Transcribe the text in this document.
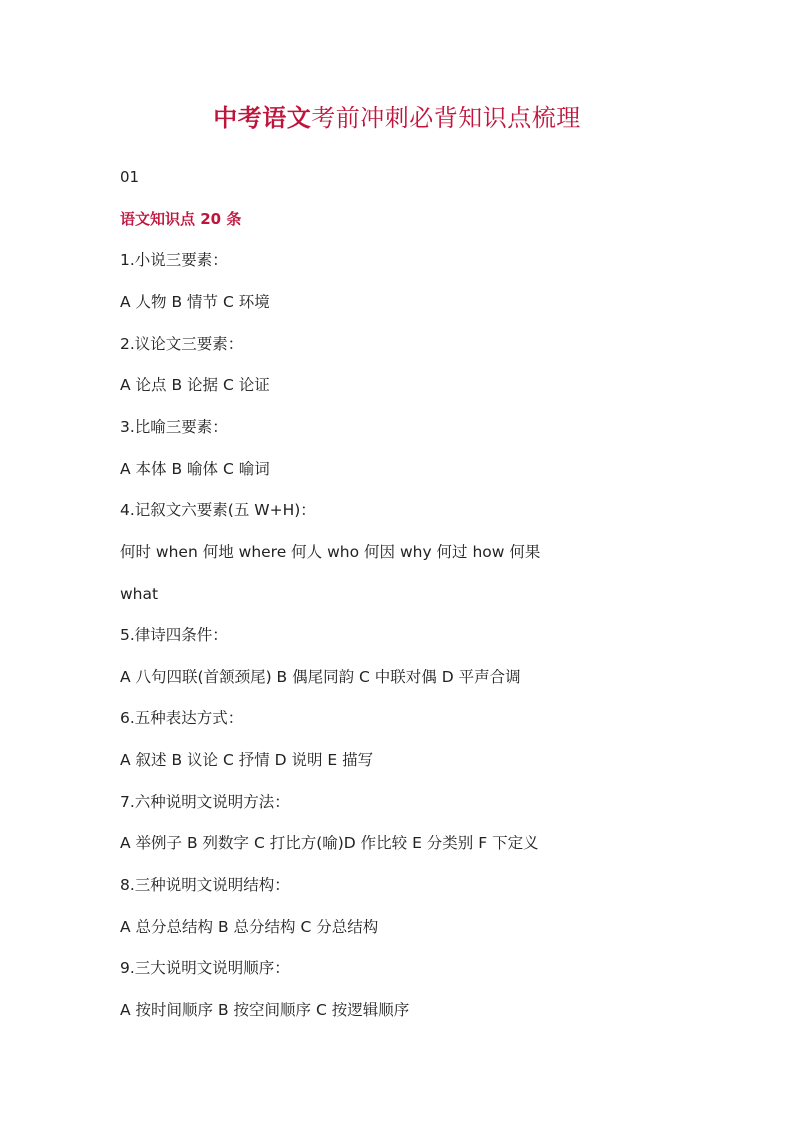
中考语文考前冲刺必背知识点梳理
01
语文知识点 20 条
1.小说三要素：
A 人物 B 情节 C 环境
2.议论文三要素：
A 论点 B 论据 C 论证
3.比喻三要素：
A 本体 B 喻体 C 喻词
4.记叙文六要素(五 W+H)：
何时 when 何地 where 何人 who 何因 why 何过 how 何果
what
5.律诗四条件：
A 八句四联(首颔颈尾) B 偶尾同韵 C 中联对偶 D 平声合调
6.五种表达方式：
A 叙述 B 议论 C 抒情 D 说明 E 描写
7.六种说明文说明方法：
A 举例子 B 列数字 C 打比方(喻)D 作比较 E 分类别 F 下定义
8.三种说明文说明结构：
A 总分总结构 B 总分结构 C 分总结构
9.三大说明文说明顺序：
A 按时间顺序 B 按空间顺序 C 按逻辑顺序
